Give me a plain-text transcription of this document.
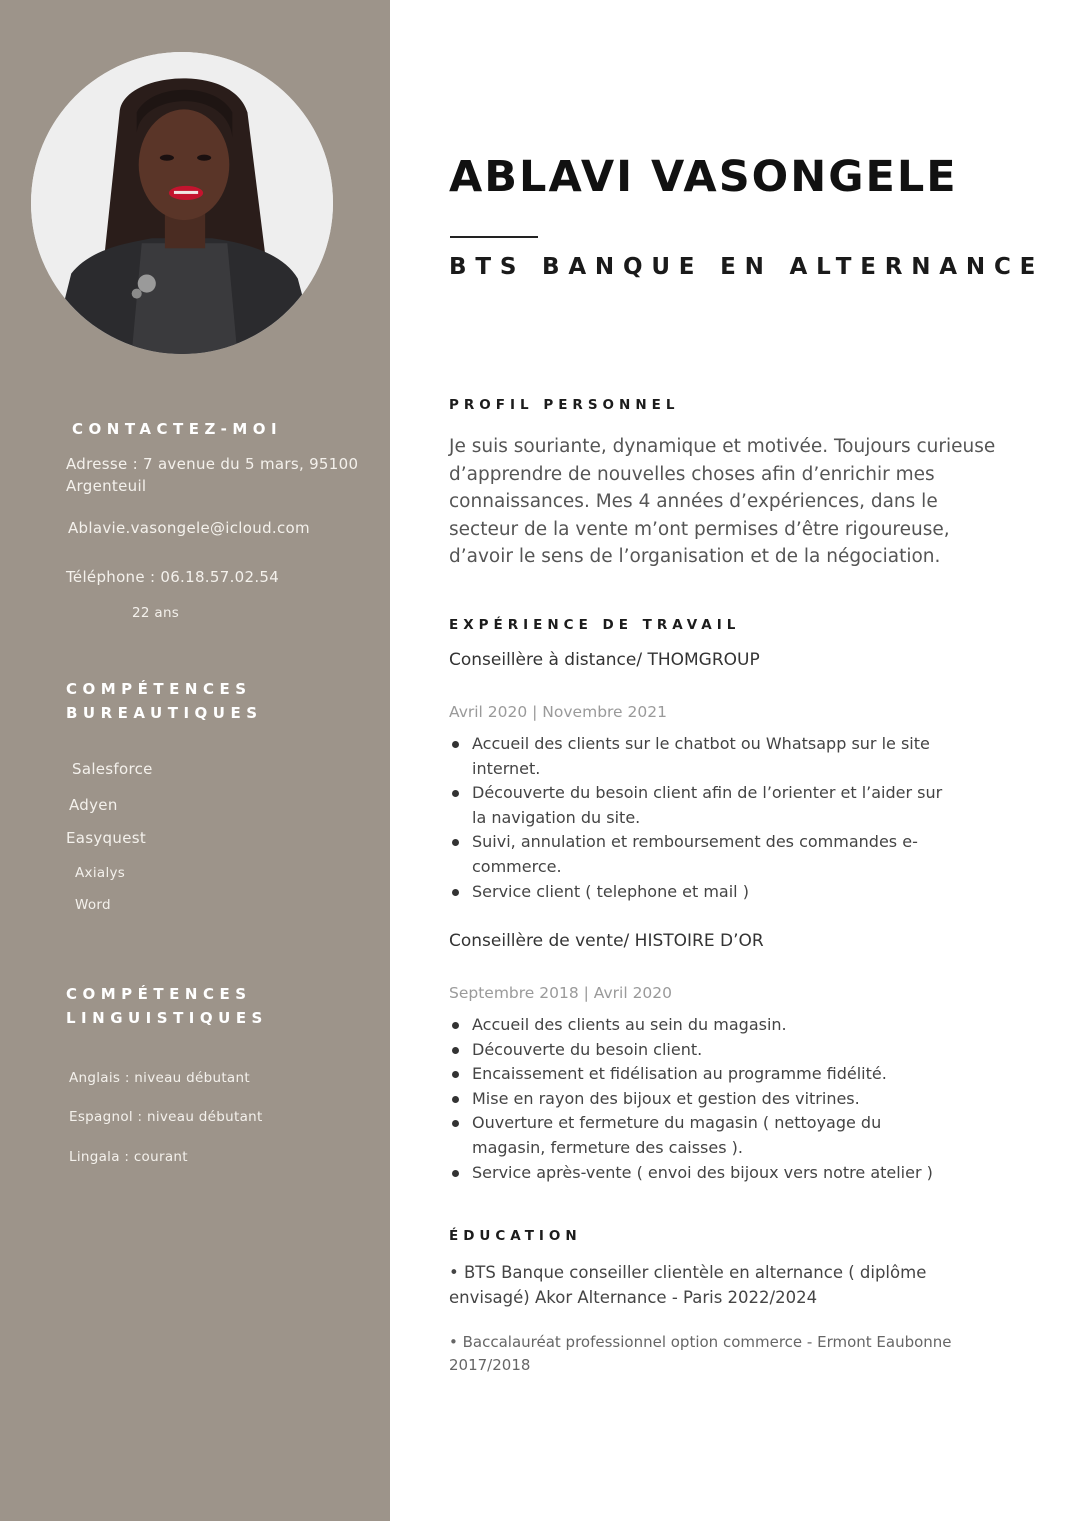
CONTACTEZ-MOI

Adresse : 7 avenue du 5 mars, 95100

Argenteuil

Ablavie.vasongele@icloud.com

Téléphone : 06.18.57.02.54

22 ans

COMPÉTENCES

BUREAUTIQUES

Salesforce

Adyen

Easyquest

Axialys

Word

COMPÉTENCES

LINGUISTIQUES

Anglais : niveau débutant

Espagnol : niveau débutant

Lingala : courant

ABLAVI VASONGELE

BTS BANQUE EN ALTERNANCE

PROFIL PERSONNEL

Je suis souriante, dynamique et motivée. Toujours curieuse d’apprendre de nouvelles choses afin d’enrichir mes connaissances. Mes 4 années d’expériences, dans le secteur de la vente m’ont permises d’être rigoureuse, d’avoir le sens de l’organisation et de la négociation.

EXPÉRIENCE DE TRAVAIL

Conseillère à distance/ THOMGROUP

Avril 2020 | Novembre 2021

Accueil des clients sur le chatbot ou Whatsapp sur le site internet.
Découverte du besoin client afin de l’orienter et l’aider sur la navigation du site.
Suivi, annulation et remboursement des commandes e-commerce.
Service client ( telephone et mail )

Conseillère de vente/ HISTOIRE D’OR

Septembre 2018 | Avril 2020

Accueil des clients au sein du magasin.
Découverte du besoin client.
Encaissement et fidélisation au programme fidélité.
Mise en rayon des bijoux et gestion des vitrines.
Ouverture et fermeture du magasin ( nettoyage du magasin, fermeture des caisses ).
Service après-vente ( envoi des bijoux vers notre atelier )

ÉDUCATION

• BTS Banque conseiller clientèle en alternance ( diplôme envisagé) Akor Alternance - Paris 2022/2024

• Baccalauréat professionnel option commerce - Ermont Eaubonne 2017/2018
